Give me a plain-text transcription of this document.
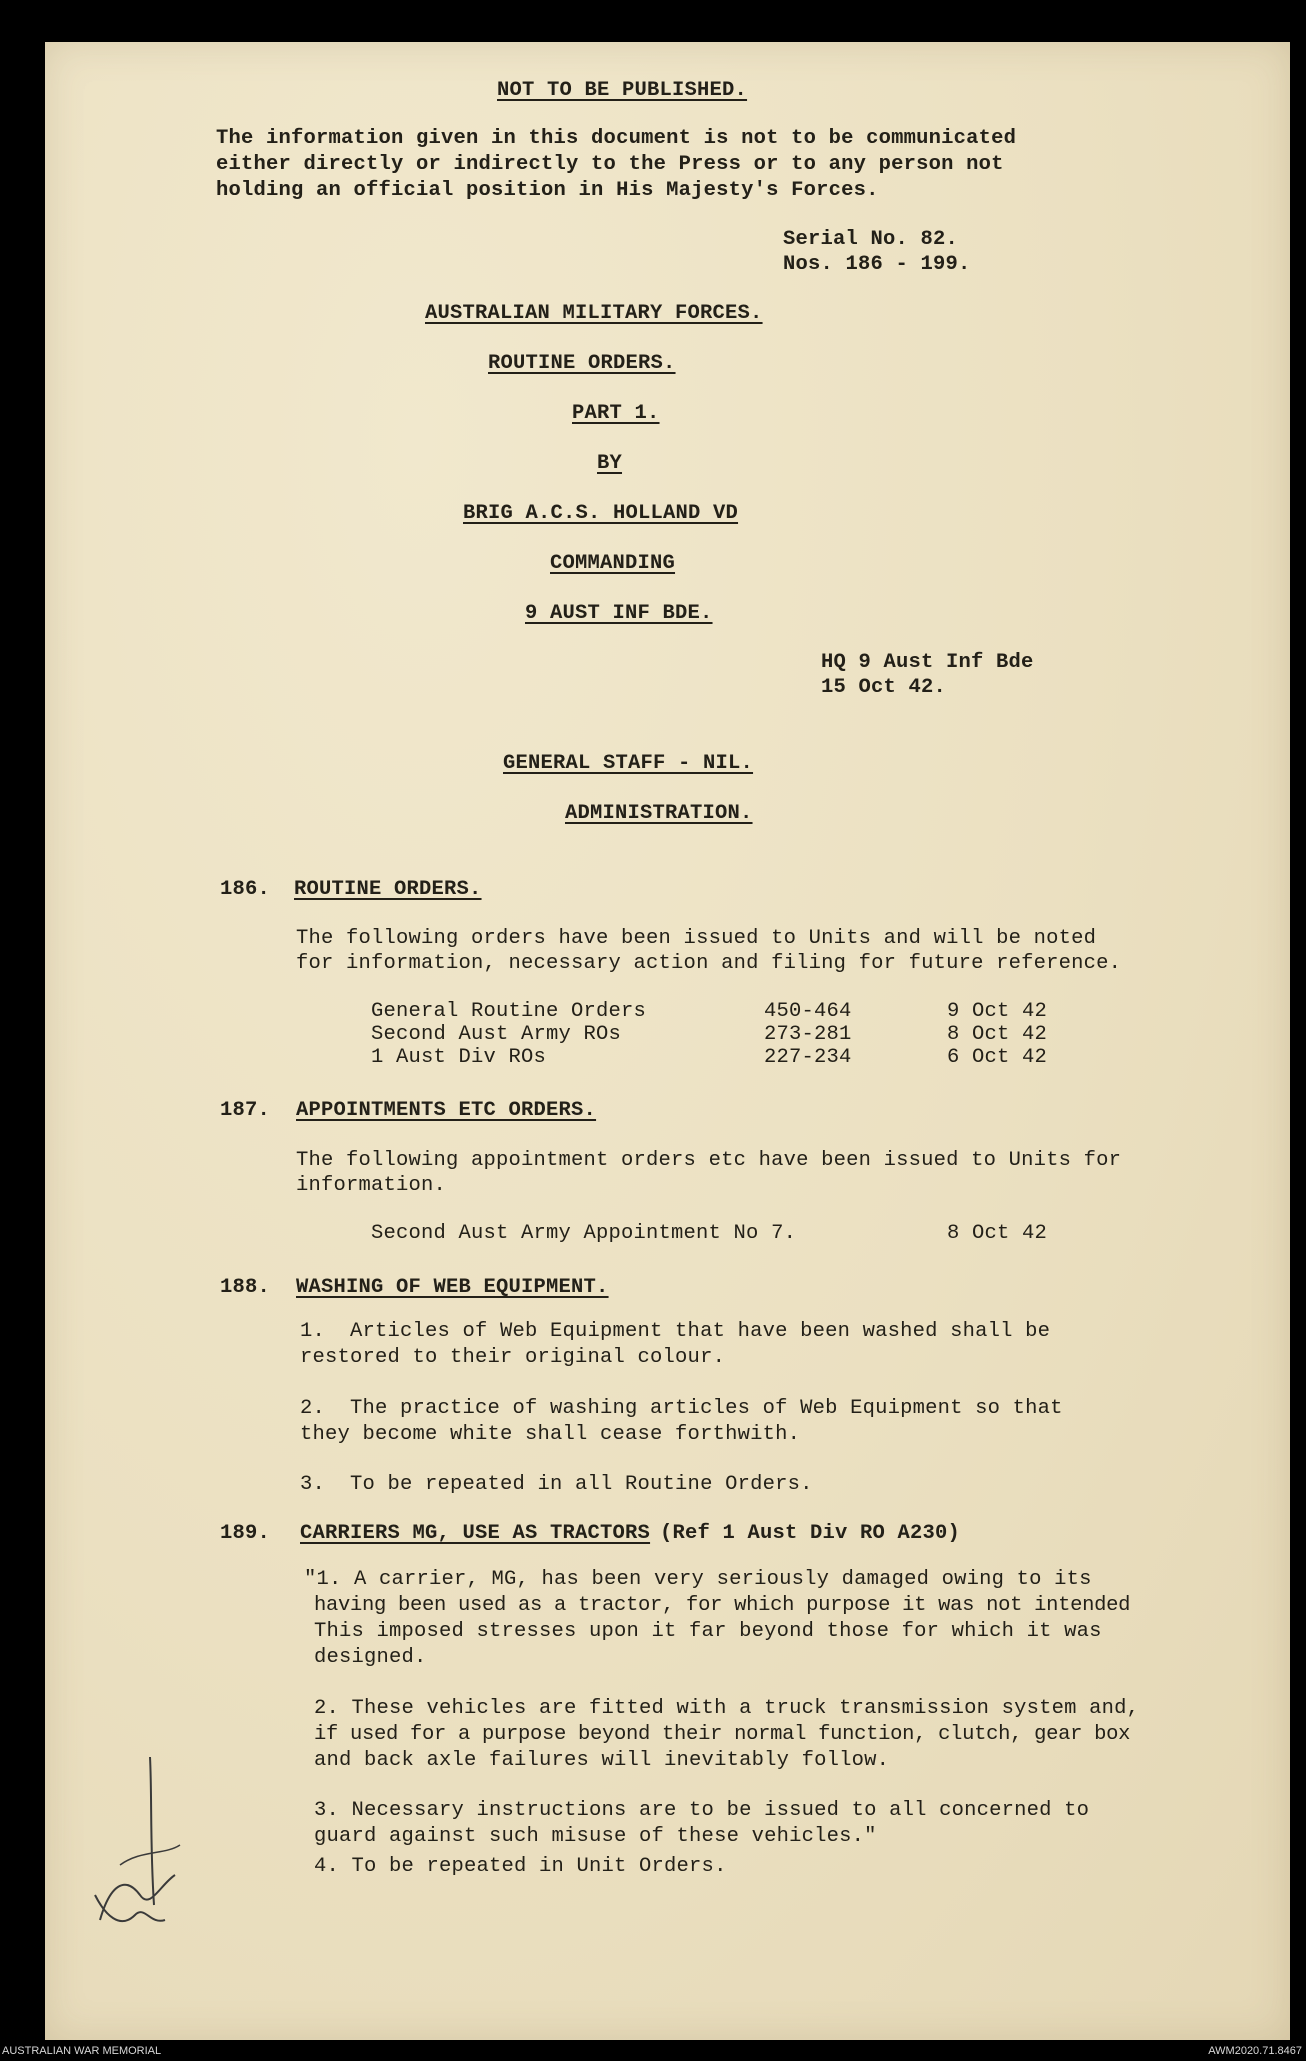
NOT TO BE PUBLISHED.
The information given in this document is not to be communicated
either directly or indirectly to the Press or to any person not
holding an official position in His Majesty's Forces.
Serial No. 82.
Nos. 186 - 199.
AUSTRALIAN MILITARY FORCES.
ROUTINE ORDERS.
PART 1.
BY
BRIG A.C.S. HOLLAND VD
COMMANDING
9 AUST INF BDE.
HQ 9 Aust Inf Bde
15 Oct 42.
GENERAL STAFF - NIL.
ADMINISTRATION.
186. ROUTINE ORDERS.
The following orders have been issued to Units and will be noted
for information, necessary action and filing for future reference.
General Routine Orders	450-464	9 Oct 42
Second Aust Army ROs	273-281	8 Oct 42
1 Aust Div ROs	227-234	6 Oct 42
187. APPOINTMENTS ETC ORDERS.
The following appointment orders etc have been issued to Units for
information.
Second Aust Army Appointment No 7.	8 Oct 42
188. WASHING OF WEB EQUIPMENT.
1.  Articles of Web Equipment that have been washed shall be
restored to their original colour.
2.  The practice of washing articles of Web Equipment so that
they become white shall cease forthwith.
3.  To be repeated in all Routine Orders.
189. CARRIERS MG, USE AS TRACTORS (Ref 1 Aust Div RO A230)
"1. A carrier, MG, has been very seriously damaged owing to its
having been used as a tractor, for which purpose it was not intended
This imposed stresses upon it far beyond those for which it was
designed.
2. These vehicles are fitted with a truck transmission system and,
if used for a purpose beyond their normal function, clutch, gear box
and back axle failures will inevitably follow.
3. Necessary instructions are to be issued to all concerned to
guard against such misuse of these vehicles."
4. To be repeated in Unit Orders.
AUSTRALIAN WAR MEMORIAL	AWM2020.71.8467
